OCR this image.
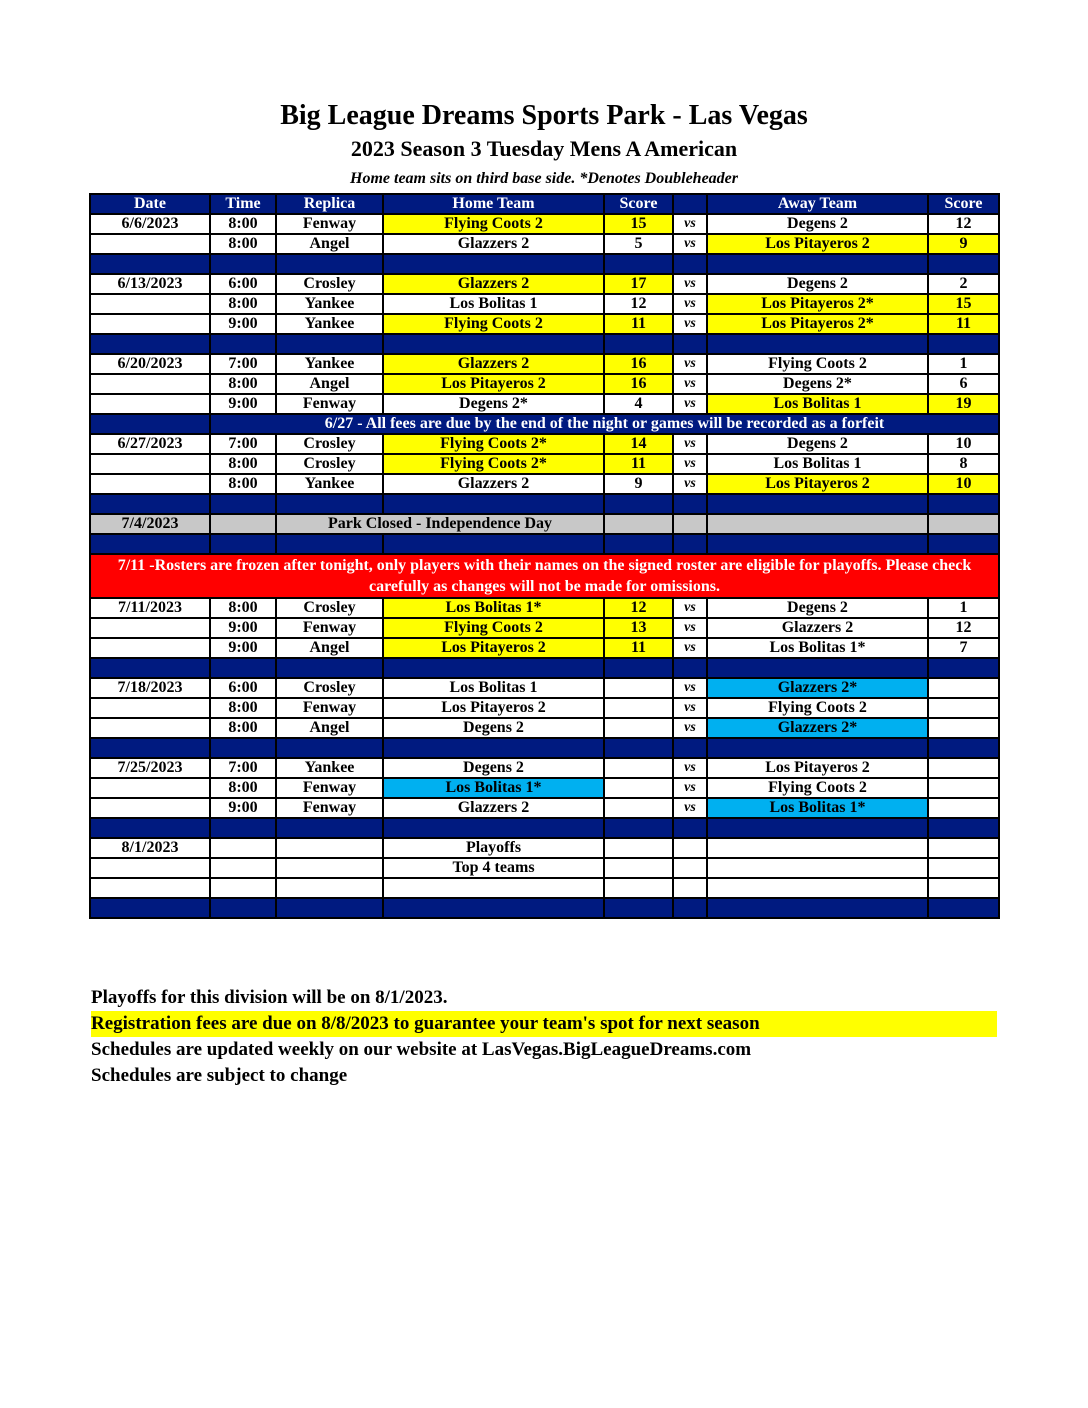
Big League Dreams Sports Park - Las Vegas
2023 Season 3 Tuesday Mens A American
Home team sits on third base side. *Denotes Doubleheader
Date	Time	Replica	Home Team	Score		Away Team	Score
6/6/2023	8:00	Fenway	Flying Coots 2	15	vs	Degens 2	12
	8:00	Angel	Glazzers 2	5	vs	Los Pitayeros 2	9

6/13/2023	6:00	Crosley	Glazzers 2	17	vs	Degens 2	2
	8:00	Yankee	Los Bolitas 1	12	vs	Los Pitayeros 2*	15
	9:00	Yankee	Flying Coots 2	11	vs	Los Pitayeros 2*	11

6/20/2023	7:00	Yankee	Glazzers 2	16	vs	Flying Coots 2	1
	8:00	Angel	Los Pitayeros 2	16	vs	Degens 2*	6
	9:00	Fenway	Degens 2*	4	vs	Los Bolitas 1	19
	6/27 - All fees are due by the end of the night or games will be recorded as a forfeit						
6/27/2023	7:00	Crosley	Flying Coots 2*	14	vs	Degens 2	10
	8:00	Crosley	Flying Coots 2*	11	vs	Los Bolitas 1	8
	8:00	Yankee	Glazzers 2	9	vs	Los Pitayeros 2	10

7/4/2023		Park Closed - Independence Day					

7/11 -Rosters are frozen after tonight, only players with their names on the signed roster are eligible for playoffs. Please check carefully as changes will not be made for omissions.							
7/11/2023	8:00	Crosley	Los Bolitas 1*	12	vs	Degens 2	1
	9:00	Fenway	Flying Coots 2	13	vs	Glazzers 2	12
	9:00	Angel	Los Pitayeros 2	11	vs	Los Bolitas 1*	7

7/18/2023	6:00	Crosley	Los Bolitas 1		vs	Glazzers 2*	
	8:00	Fenway	Los Pitayeros 2		vs	Flying Coots 2	
	8:00	Angel	Degens 2		vs	Glazzers 2*	

7/25/2023	7:00	Yankee	Degens 2		vs	Los Pitayeros 2	
	8:00	Fenway	Los Bolitas 1*		vs	Flying Coots 2	
	9:00	Fenway	Glazzers 2		vs	Los Bolitas 1*	

8/1/2023			Playoffs				
			Top 4 teams				

Playoffs for this division will be on 8/1/2023.
Registration fees are due on 8/8/2023 to guarantee your team's spot for next season
Schedules are updated weekly on our website at LasVegas.BigLeagueDreams.com
Schedules are subject to change
